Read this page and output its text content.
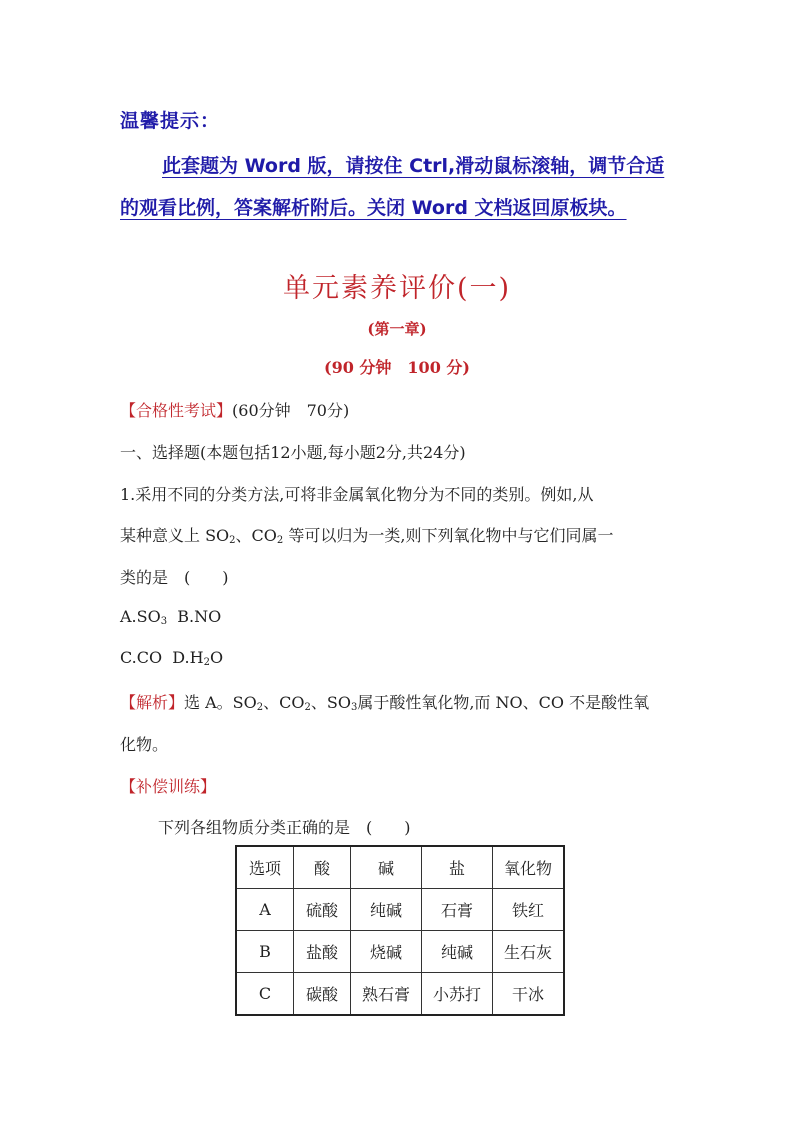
温馨提示：
此套题为 Word 版，请按住 Ctrl,滑动鼠标滚轴，调节合适的观看比例，答案解析附后。关闭 Word 文档返回原板块。
单元素养评价(一)
(第一章)
(90 分钟　100 分)
【合格性考试】(60分钟　70分)
一、选择题(本题包括12小题,每小题2分,共24分)
1.采用不同的分类方法,可将非金属氧化物分为不同的类别。例如,从
某种意义上 $SO_2$、$CO_2$ 等可以归为一类,则下列氧化物中与它们同属一
类的是　(　　)
$A.SO_3$ B.NO
C.CO $D.H_2O$
【解析】选 A。$SO_2$、$CO_2$、$SO_3$属于酸性氧化物,而 NO、CO 不是酸性氧
化物。
【补偿训练】
下列各组物质分类正确的是　(　　)
选项	酸	碱	盐	氧化物
A	硫酸	纯碱	石膏	铁红
B	盐酸	烧碱	纯碱	生石灰
C	碳酸	熟石膏	小苏打	干冰
